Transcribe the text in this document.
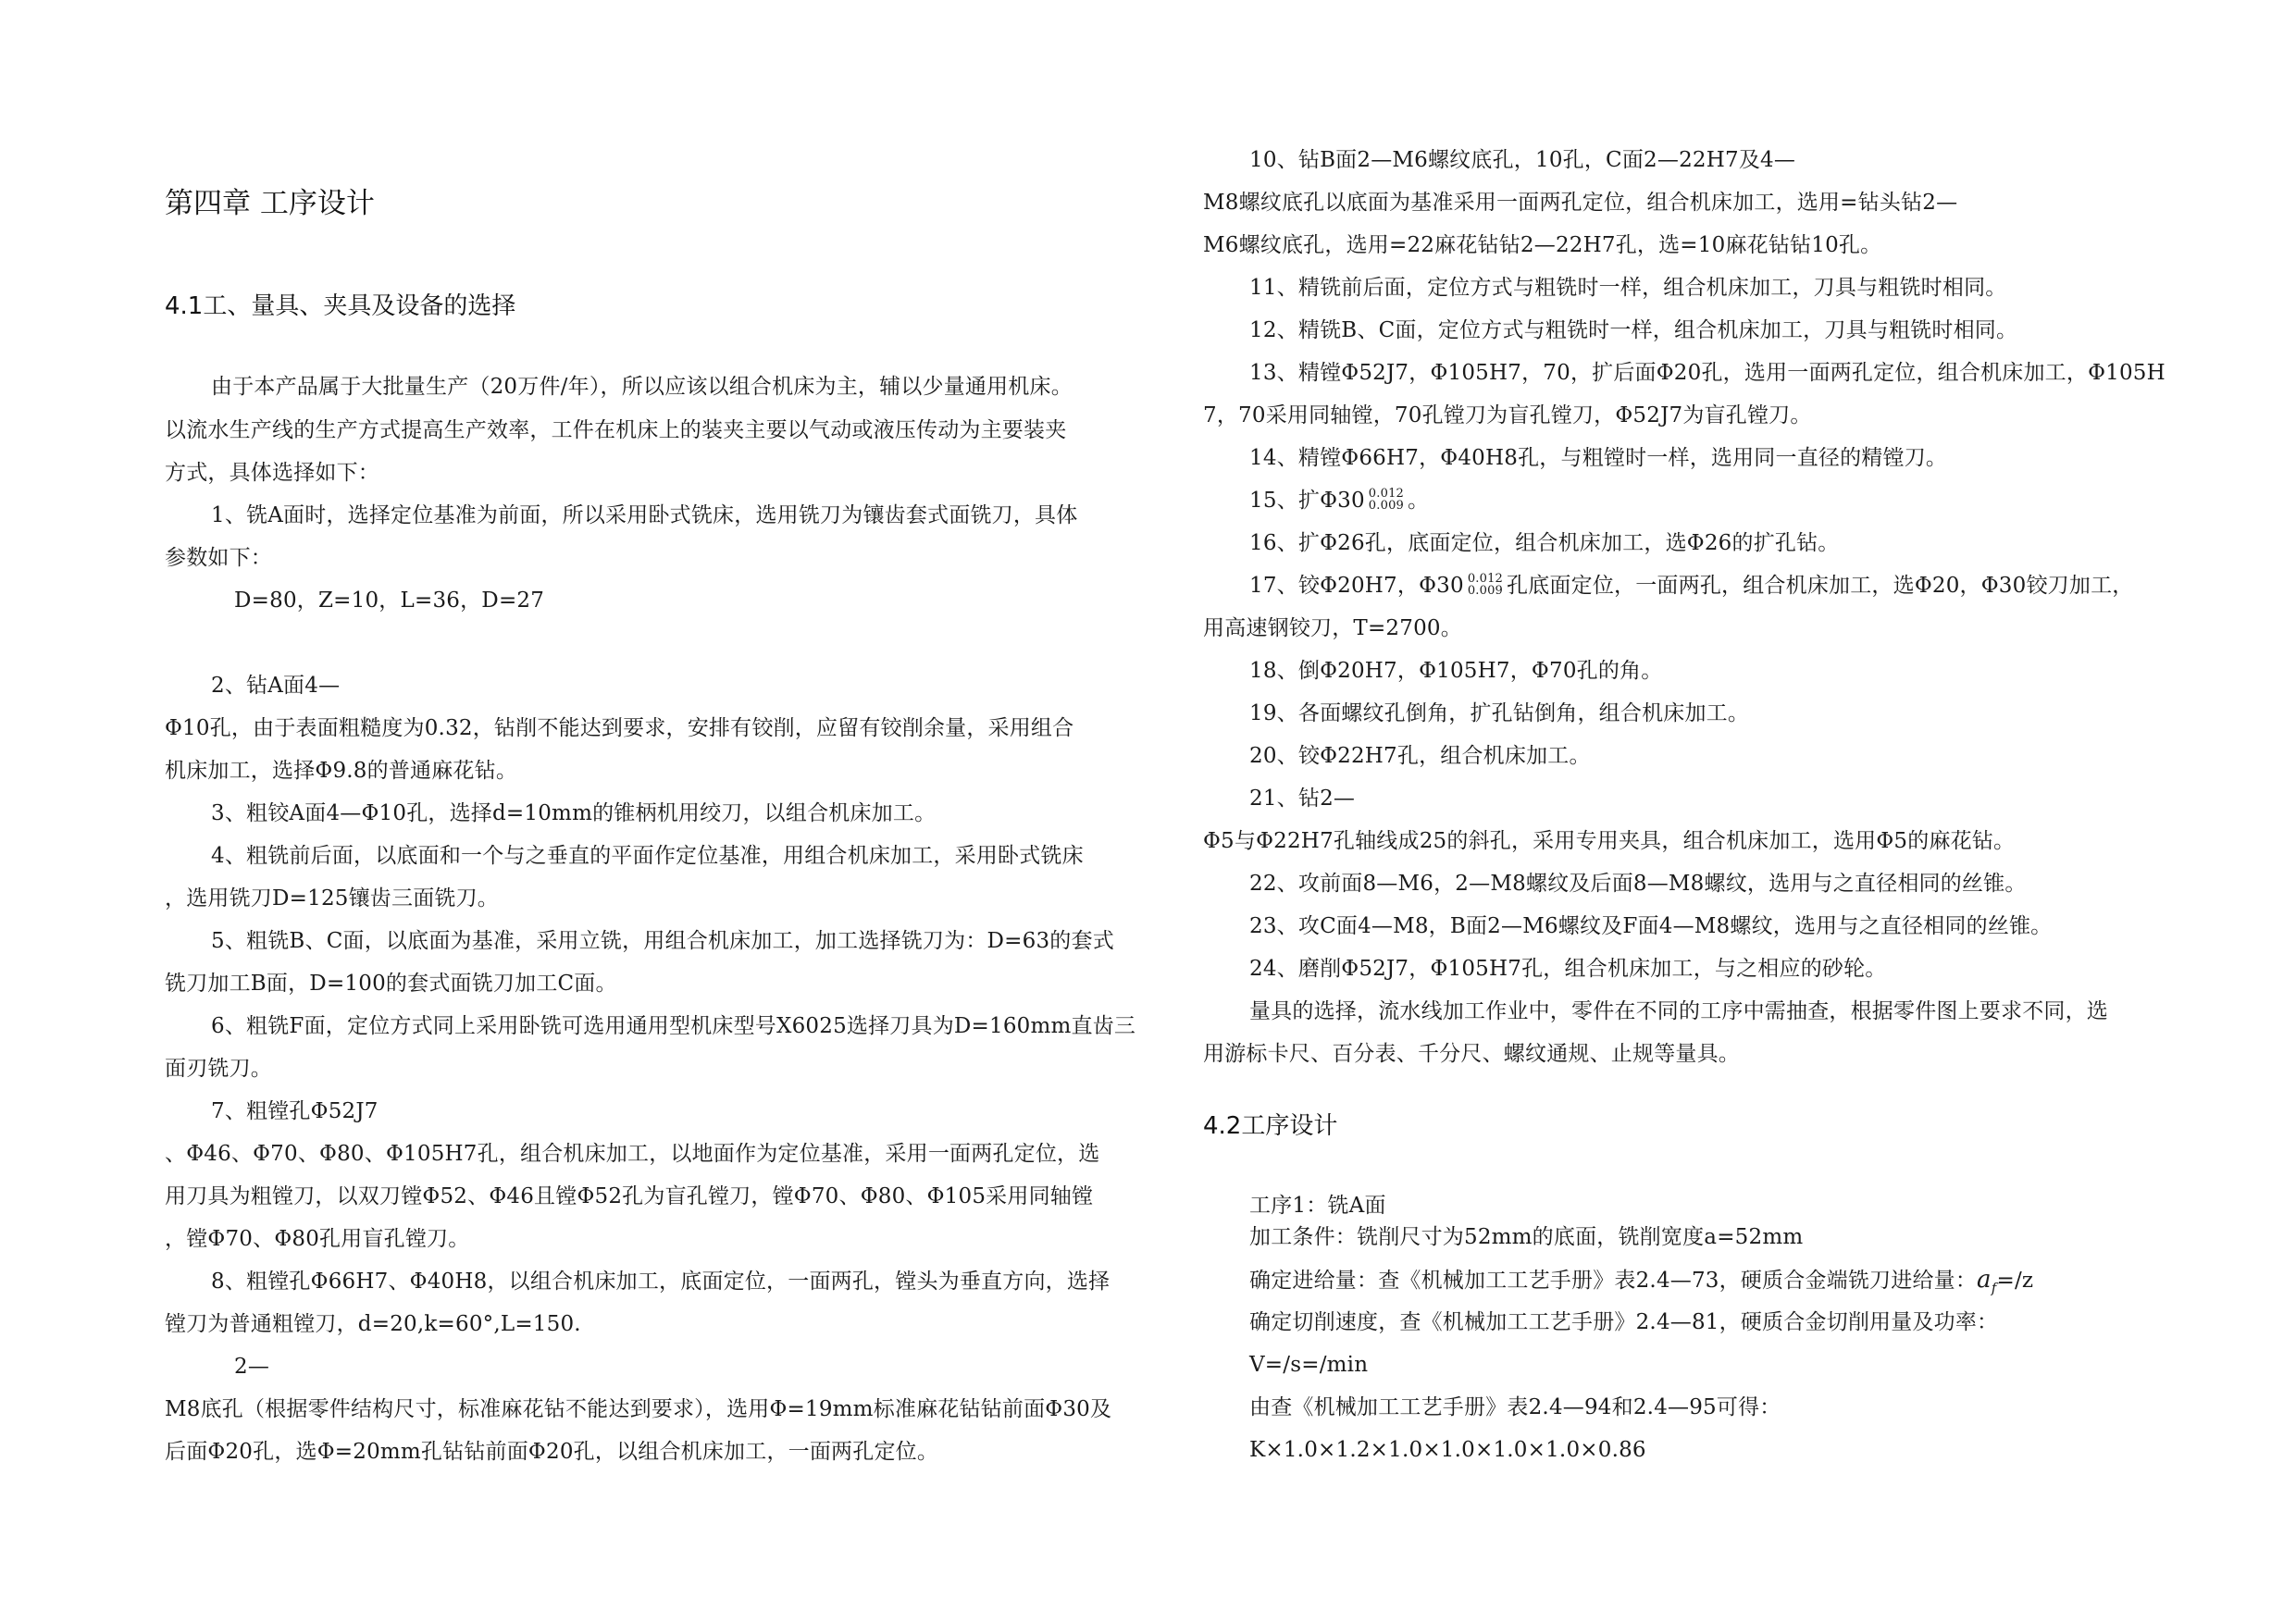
第四章 工序设计
4.1工、量具、夹具及设备的选择
由于本产品属于大批量生产（20万件/年），所以应该以组合机床为主，辅以少量通用机床。
以流水生产线的生产方式提高生产效率，工件在机床上的装夹主要以气动或液压传动为主要装夹
方式，具体选择如下：
1、铣A面时，选择定位基准为前面，所以采用卧式铣床，选用铣刀为镶齿套式面铣刀，具体
参数如下：
D=80，Z=10，L=36，D=27
2、钻A面4—
Φ10孔，由于表面粗糙度为0.32，钻削不能达到要求，安排有铰削，应留有铰削余量，采用组合
机床加工，选择Φ9.8的普通麻花钻。
3、粗铰A面4—Φ10孔，选择d=10mm的锥柄机用绞刀，以组合机床加工。
4、粗铣前后面，以底面和一个与之垂直的平面作定位基准，用组合机床加工，采用卧式铣床
，选用铣刀D=125镶齿三面铣刀。
5、粗铣B、C面，以底面为基准，采用立铣，用组合机床加工，加工选择铣刀为：D=63的套式
铣刀加工B面，D=100的套式面铣刀加工C面。
6、粗铣F面，定位方式同上采用卧铣可选用通用型机床型号X6025选择刀具为D=160mm直齿三
面刃铣刀。
7、粗镗孔Φ52J7
、Φ46、Φ70、Φ80、Φ105H7孔，组合机床加工，以地面作为定位基准，采用一面两孔定位，选
用刀具为粗镗刀，以双刀镗Φ52、Φ46且镗Φ52孔为盲孔镗刀，镗Φ70、Φ80、Φ105采用同轴镗
，镗Φ70、Φ80孔用盲孔镗刀。
8、粗镗孔Φ66H7、Φ40H8，以组合机床加工，底面定位，一面两孔，镗头为垂直方向，选择
镗刀为普通粗镗刀，d=20,k=60°,L=150.
2—
M8底孔（根据零件结构尺寸，标准麻花钻不能达到要求），选用Φ=19mm标准麻花钻钻前面Φ30及
后面Φ20孔，选Φ=20mm孔钻钻前面Φ20孔，以组合机床加工，一面两孔定位。
10、钻B面2—M6螺纹底孔，10孔，C面2—22H7及4—
M8螺纹底孔以底面为基准采用一面两孔定位，组合机床加工，选用=钻头钻2—
M6螺纹底孔，选用=22麻花钻钻2—22H7孔，选=10麻花钻钻10孔。
11、精铣前后面，定位方式与粗铣时一样，组合机床加工，刀具与粗铣时相同。
12、精铣B、C面，定位方式与粗铣时一样，组合机床加工，刀具与粗铣时相同。
13、精镗Φ52J7，Φ105H7，70，扩后面Φ20孔，选用一面两孔定位，组合机床加工，Φ105H
7，70采用同轴镗，70孔镗刀为盲孔镗刀，Φ52J7为盲孔镗刀。
14、精镗Φ66H7，Φ40H8孔，与粗镗时一样，选用同一直径的精镗刀。
15、扩Φ30 0.012
0.009 。
16、扩Φ26孔，底面定位，组合机床加工，选Φ26的扩孔钻。
17、铰Φ20H7，Φ30 0.012
0.009 孔底面定位，一面两孔，组合机床加工，选Φ20，Φ30铰刀加工，
用高速钢铰刀，T=2700。
18、倒Φ20H7，Φ105H7，Φ70孔的角。
19、各面螺纹孔倒角，扩孔钻倒角，组合机床加工。
20、铰Φ22H7孔，组合机床加工。
21、钻2—
Φ5与Φ22H7孔轴线成25的斜孔，采用专用夹具，组合机床加工，选用Φ5的麻花钻。
22、攻前面8—M6，2—M8螺纹及后面8—M8螺纹，选用与之直径相同的丝锥。
23、攻C面4—M8，B面2—M6螺纹及F面4—M8螺纹，选用与之直径相同的丝锥。
24、磨削Φ52J7，Φ105H7孔，组合机床加工，与之相应的砂轮。
量具的选择，流水线加工作业中，零件在不同的工序中需抽查，根据零件图上要求不同，选
用游标卡尺、百分表、千分尺、螺纹通规、止规等量具。
4.2工序设计
工序1：铣A面
加工条件：铣削尺寸为52mm的底面，铣削宽度a=52mm
确定进给量：查《机械加工工艺手册》表2.4—73，硬质合金端铣刀进给量：$a_f=/z$
确定切削速度，查《机械加工工艺手册》2.4—81，硬质合金切削用量及功率：
V=/s=/min
由查《机械加工工艺手册》表2.4—94和2.4—95可得：
K×1.0×1.2×1.0×1.0×1.0×1.0×0.86
